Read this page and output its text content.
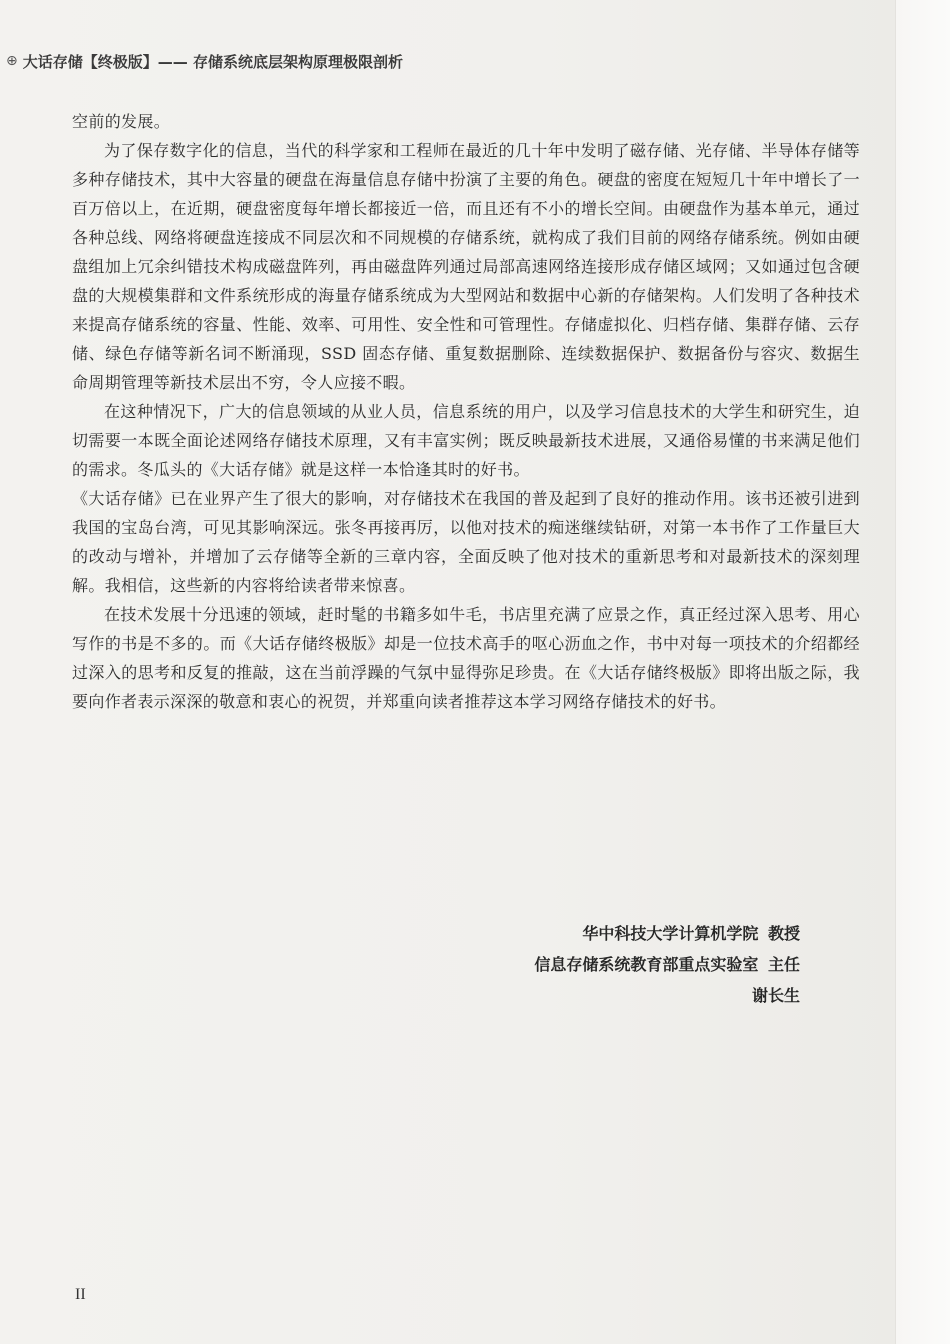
⊕ 大话存储【终极版】—— 存储系统底层架构原理极限剖析

空前的发展。

为了保存数字化的信息，当代的科学家和工程师在最近的几十年中发明了磁存储、光存储、半导体存储等多种存储技术，其中大容量的硬盘在海量信息存储中扮演了主要的角色。硬盘的密度在短短几十年中增长了一百万倍以上，在近期，硬盘密度每年增长都接近一倍，而且还有不小的增长空间。由硬盘作为基本单元，通过各种总线、网络将硬盘连接成不同层次和不同规模的存储系统，就构成了我们目前的网络存储系统。例如由硬盘组加上冗余纠错技术构成磁盘阵列，再由磁盘阵列通过局部高速网络连接形成存储区域网；又如通过包含硬盘的大规模集群和文件系统形成的海量存储系统成为大型网站和数据中心新的存储架构。人们发明了各种技术来提高存储系统的容量、性能、效率、可用性、安全性和可管理性。存储虚拟化、归档存储、集群存储、云存储、绿色存储等新名词不断涌现，SSD 固态存储、重复数据删除、连续数据保护、数据备份与容灾、数据生命周期管理等新技术层出不穷，令人应接不暇。

在这种情况下，广大的信息领域的从业人员，信息系统的用户，以及学习信息技术的大学生和研究生，迫切需要一本既全面论述网络存储技术原理，又有丰富实例；既反映最新技术进展，又通俗易懂的书来满足他们的需求。冬瓜头的《大话存储》就是这样一本恰逢其时的好书。

《大话存储》已在业界产生了很大的影响，对存储技术在我国的普及起到了良好的推动作用。该书还被引进到我国的宝岛台湾，可见其影响深远。张冬再接再厉，以他对技术的痴迷继续钻研，对第一本书作了工作量巨大的改动与增补，并增加了云存储等全新的三章内容，全面反映了他对技术的重新思考和对最新技术的深刻理解。我相信，这些新的内容将给读者带来惊喜。

在技术发展十分迅速的领域，赶时髦的书籍多如牛毛，书店里充满了应景之作，真正经过深入思考、用心写作的书是不多的。而《大话存储终极版》却是一位技术高手的呕心沥血之作，书中对每一项技术的介绍都经过深入的思考和反复的推敲，这在当前浮躁的气氛中显得弥足珍贵。在《大话存储终极版》即将出版之际，我要向作者表示深深的敬意和衷心的祝贺，并郑重向读者推荐这本学习网络存储技术的好书。

华中科技大学计算机学院 教授
信息存储系统教育部重点实验室 主任
谢长生
II
